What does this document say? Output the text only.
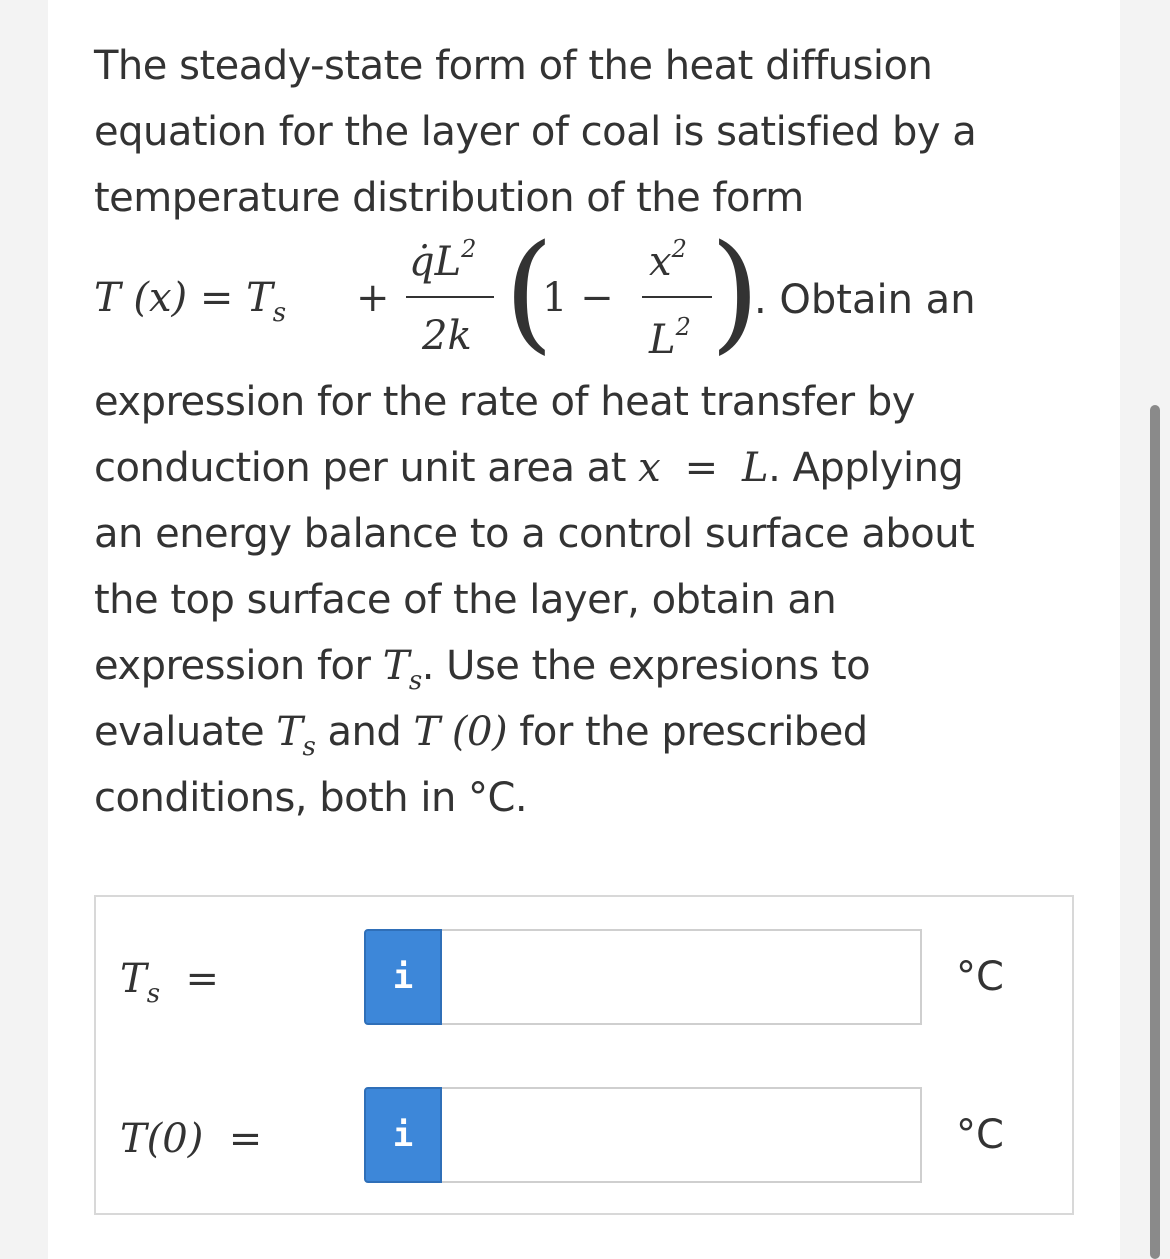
The steady-state form of the heat diffusion
equation for the layer of coal is satisfied by a
temperature distribution of the form
T $(x) = T_s$ +
$q̇L^2$
2k (
1 −
$x^2$
$L^2$ )
. Obtain an
expression for the rate of heat transfer by
conduction per unit area at x = L. Applying
an energy balance to a control surface about
the top surface of the layer, obtain an
expression for $T_s$. Use the expresions to
evaluate $T_s$ and T (0) for the prescribed
conditions, both in °C.
$T_s$ =	i	°C
T(0) =	i	°C
